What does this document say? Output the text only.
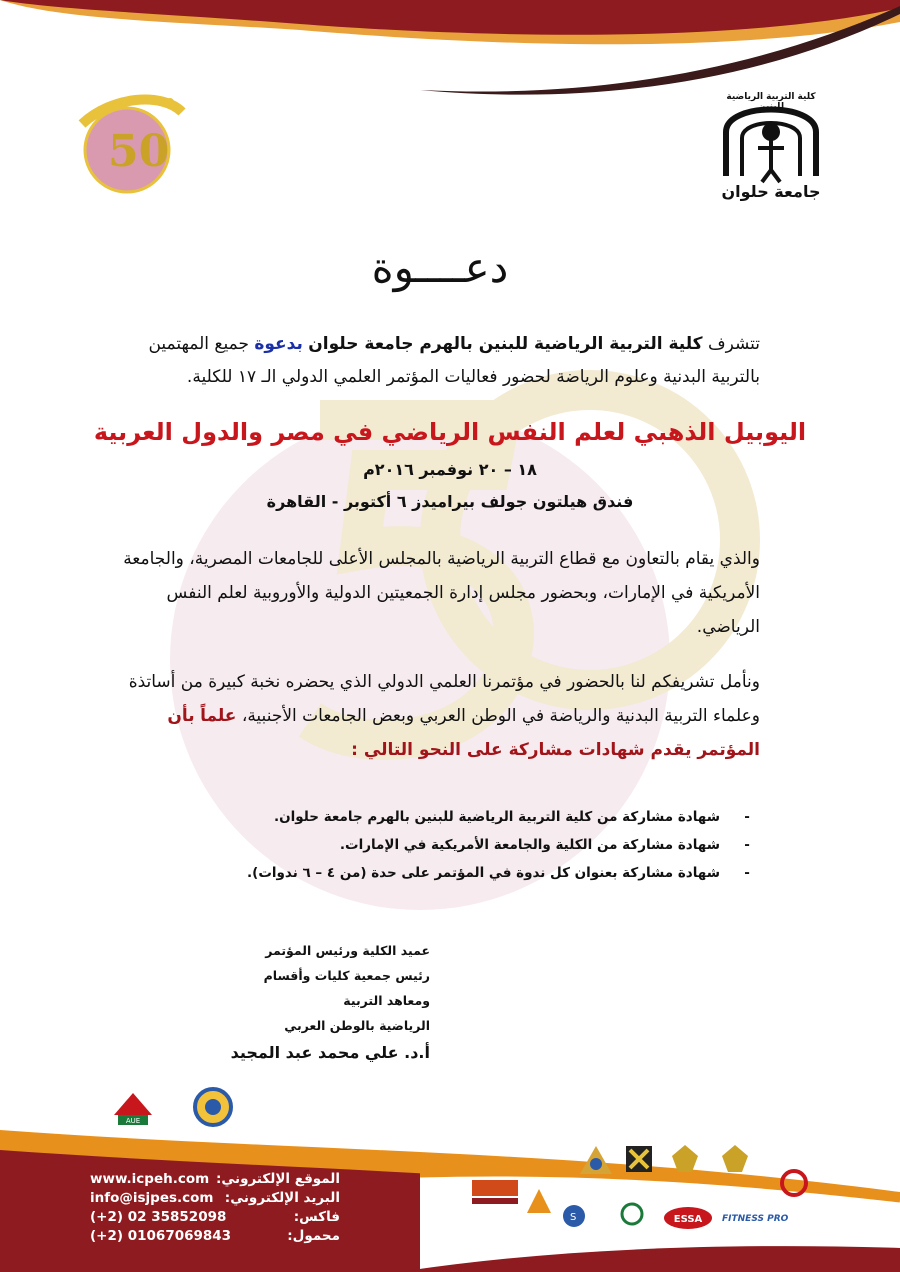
50
كلية التربية الرياضية للبنين
جامعة حلوان
دعــــوة
تتشرف كلية التربية الرياضية للبنين بالهرم جامعة حلوان بدعوة جميع المهتمين بالتربية البدنية وعلوم الرياضة لحضور فعاليات المؤتمر العلمي الدولي الـ ١٧ للكلية.
اليوبيل الذهبي لعلم النفس الرياضي في مصر والدول العربية
١٨ – ٢٠ نوفمبر ٢٠١٦م
فندق هيلتون جولف بيراميدز ٦ أكتوبر - القاهرة
والذي يقام بالتعاون مع قطاع التربية الرياضية بالمجلس الأعلى للجامعات المصرية، والجامعة الأمريكية في الإمارات، وبحضور مجلس إدارة الجمعيتين الدولية والأوروبية لعلم النفس الرياضي.
ونأمل تشريفكم لنا بالحضور في مؤتمرنا العلمي الدولي الذي يحضره نخبة كبيرة من أساتذة وعلماء التربية البدنية والرياضة في الوطن العربي وبعض الجامعات الأجنبية، علماً بأن المؤتمر يقدم شهادات مشاركة على النحو التالي :
- شهادة مشاركة من كلية التربية الرياضية للبنين بالهرم جامعة حلوان.
- شهادة مشاركة من الكلية والجامعة الأمريكية في الإمارات.
- شهادة مشاركة بعنوان كل ندوة في المؤتمر على حدة (من ٤ – ٦ ندوات).
عميد الكلية ورئيس المؤتمر
رئيس جمعية كليات وأقسام ومعاهد التربية
الرياضية بالوطن العربي
أ.د. علي محمد عبد المجيد
AUE
www.icpeh.com الموقع الإلكتروني:
info@isjpes.com البريد الإلكتروني:
(+2) 02 35852098	فاكس:
(+2) 01067069843	محمول:
S	ESSA FITNESS PRO
